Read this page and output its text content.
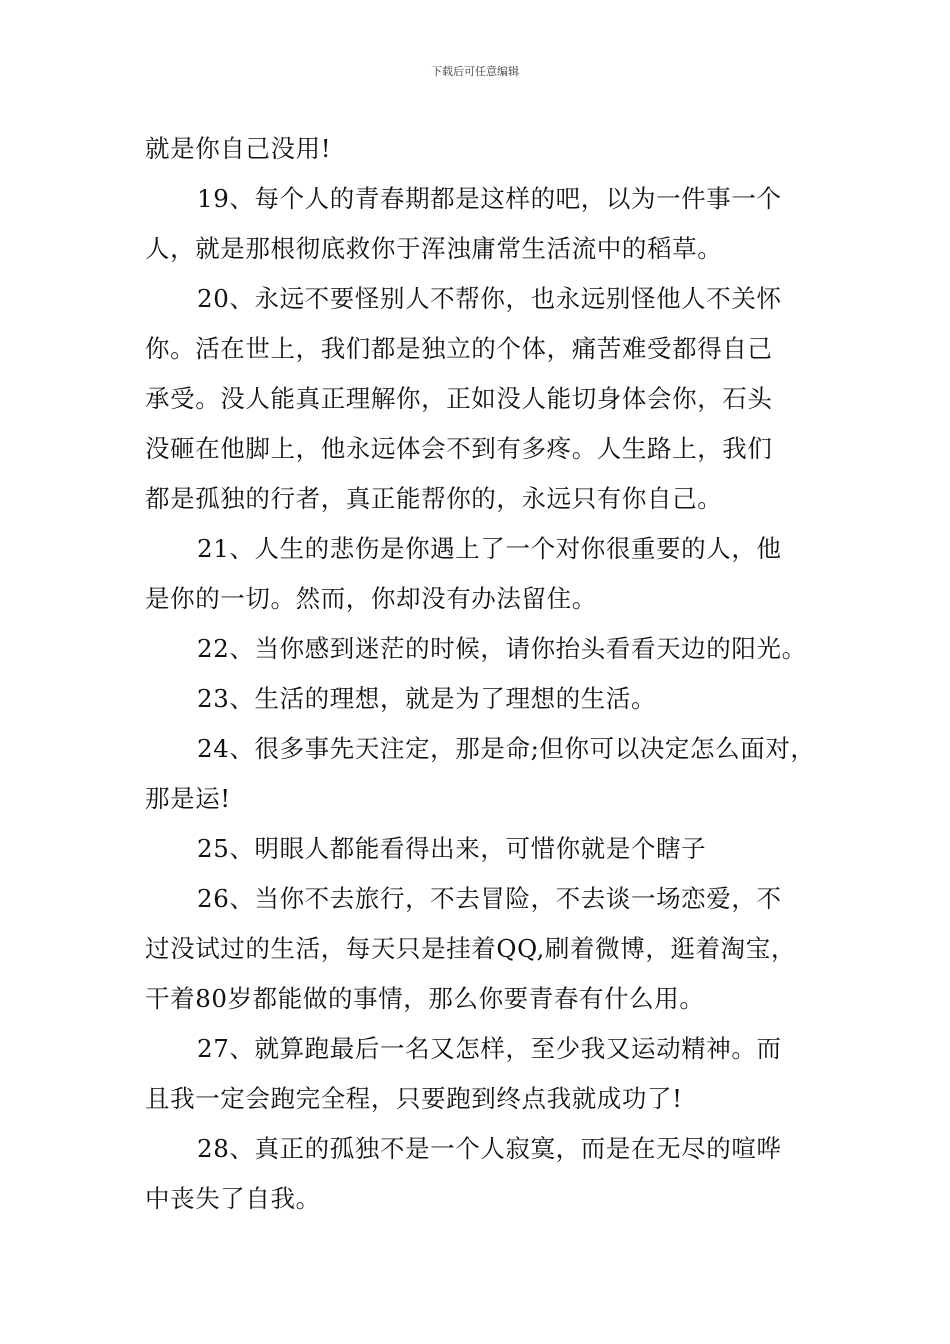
下载后可任意编辑

就是你自己没用!

19、每个人的青春期都是这样的吧，以为一件事一个

人，就是那根彻底救你于浑浊庸常生活流中的稻草。

20、永远不要怪别人不帮你，也永远别怪他人不关怀

你。活在世上，我们都是独立的个体，痛苦难受都得自己

承受。没人能真正理解你，正如没人能切身体会你，石头

没砸在他脚上，他永远体会不到有多疼。人生路上，我们

都是孤独的行者，真正能帮你的，永远只有你自己。

21、人生的悲伤是你遇上了一个对你很重要的人，他

是你的一切。然而，你却没有办法留住。

22、当你感到迷茫的时候，请你抬头看看天边的阳光。

23、生活的理想，就是为了理想的生活。

24、很多事先天注定，那是命;但你可以决定怎么面对，

那是运!

25、明眼人都能看得出来，可惜你就是个瞎子

26、当你不去旅行，不去冒险，不去谈一场恋爱，不

过没试过的生活，每天只是挂着QQ,刷着微博，逛着淘宝，

干着80岁都能做的事情，那么你要青春有什么用。

27、就算跑最后一名又怎样，至少我又运动精神。而

且我一定会跑完全程，只要跑到终点我就成功了!

28、真正的孤独不是一个人寂寞，而是在无尽的喧哗

中丧失了自我。
